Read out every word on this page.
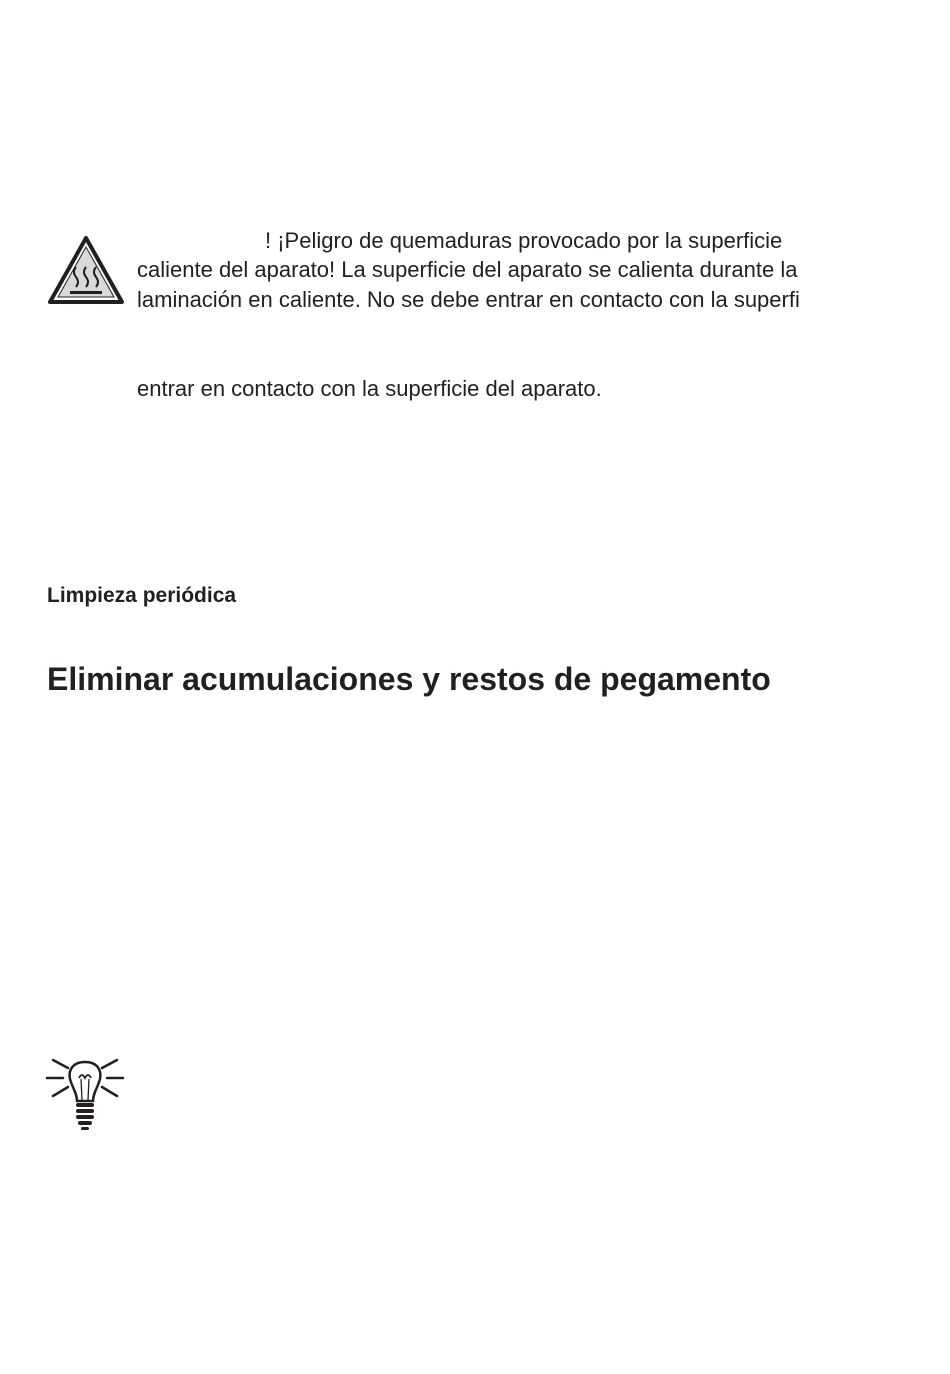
! ¡Peligro de quemaduras provocado por la superficie
caliente del aparato! La superficie del aparato se calienta durante la
laminación en caliente. No se debe entrar en contacto con la superfi
entrar en contacto con la superficie del aparato.
Limpieza periódica
Eliminar acumulaciones y restos de pegamento
